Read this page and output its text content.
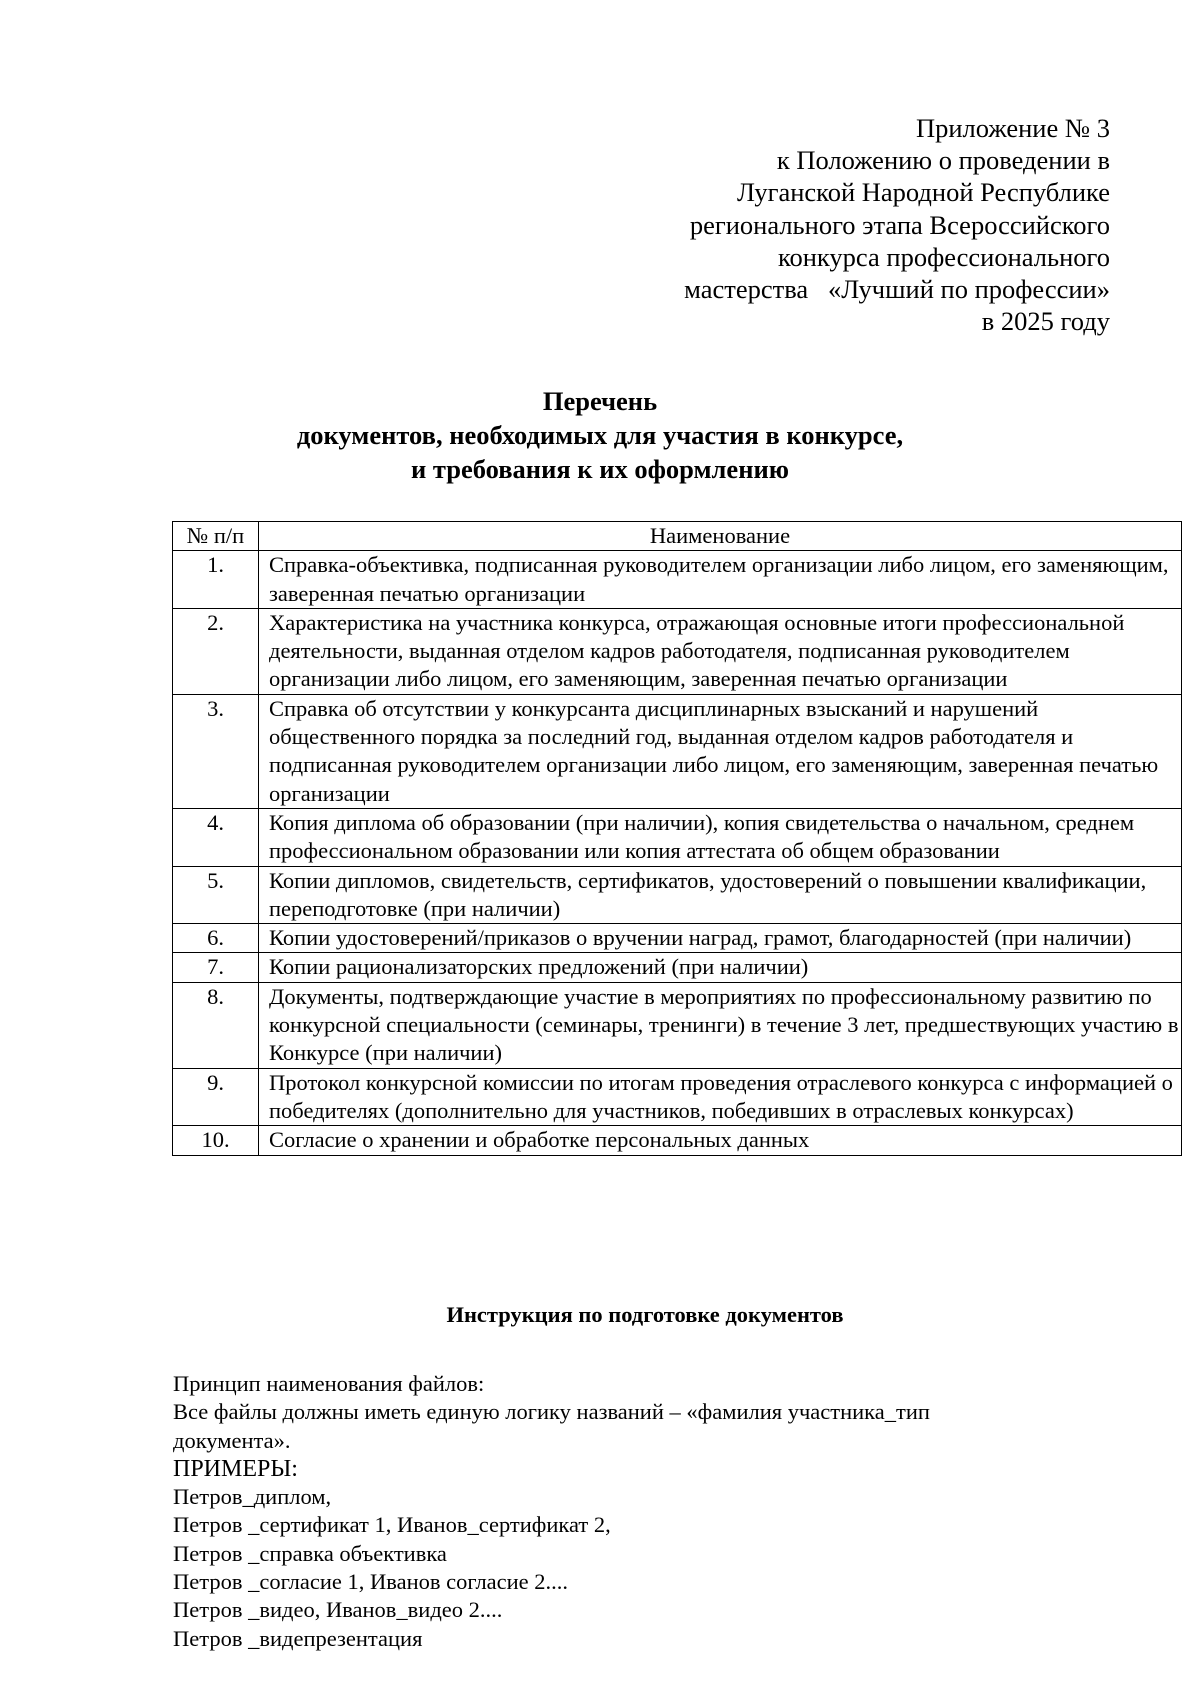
Приложение № 3
к Положению о проведении в
Луганской Народной Республике
регионального этапа Всероссийского
конкурса профессионального
мастерства   «Лучший по профессии»
в 2025 году
Перечень
документов, необходимых для участия в конкурсе,
и требования к их оформлению
№ п/п	Наименование
1.	Справка-объективка, подписанная руководителем организации либо лицом, его заменяющим, заверенная печатью организации
2.	Характеристика на участника конкурса, отражающая основные итоги профессиональной деятельности, выданная отделом кадров работодателя, подписанная руководителем организации либо лицом, его заменяющим, заверенная печатью организации
3.	Справка об отсутствии у конкурсанта дисциплинарных взысканий и нарушений общественного порядка за последний год, выданная отделом кадров работодателя и подписанная руководителем организации либо лицом, его заменяющим, заверенная печатью организации
4.	Копия диплома об образовании (при наличии), копия свидетельства о начальном, среднем профессиональном образовании или копия аттестата об общем образовании
5.	Копии дипломов, свидетельств, сертификатов, удостоверений о повышении квалификации, переподготовке (при наличии)
6.	Копии удостоверений/приказов о вручении наград, грамот, благодарностей (при наличии)
7.	Копии рационализаторских предложений (при наличии)
8.	Документы, подтверждающие участие в мероприятиях по профессиональному развитию по конкурсной специальности (семинары, тренинги) в течение 3 лет, предшествующих участию в Конкурсе (при наличии)
9.	Протокол конкурсной комиссии по итогам проведения отраслевого конкурса с информацией о победителях (дополнительно для участников, победивших в отраслевых конкурсах)
10.	Согласие о хранении и обработке персональных данных
Инструкция по подготовке документов
Принцип наименования файлов:
Все файлы должны иметь единую логику названий – «фамилия участника_тип документа».
ПРИМЕРЫ:
Петров_диплом,
Петров _сертификат 1, Иванов_сертификат 2,
Петров _справка объективка
Петров _согласие 1, Иванов согласие 2....
Петров _видео, Иванов_видео 2....
Петров _видепрезентация
